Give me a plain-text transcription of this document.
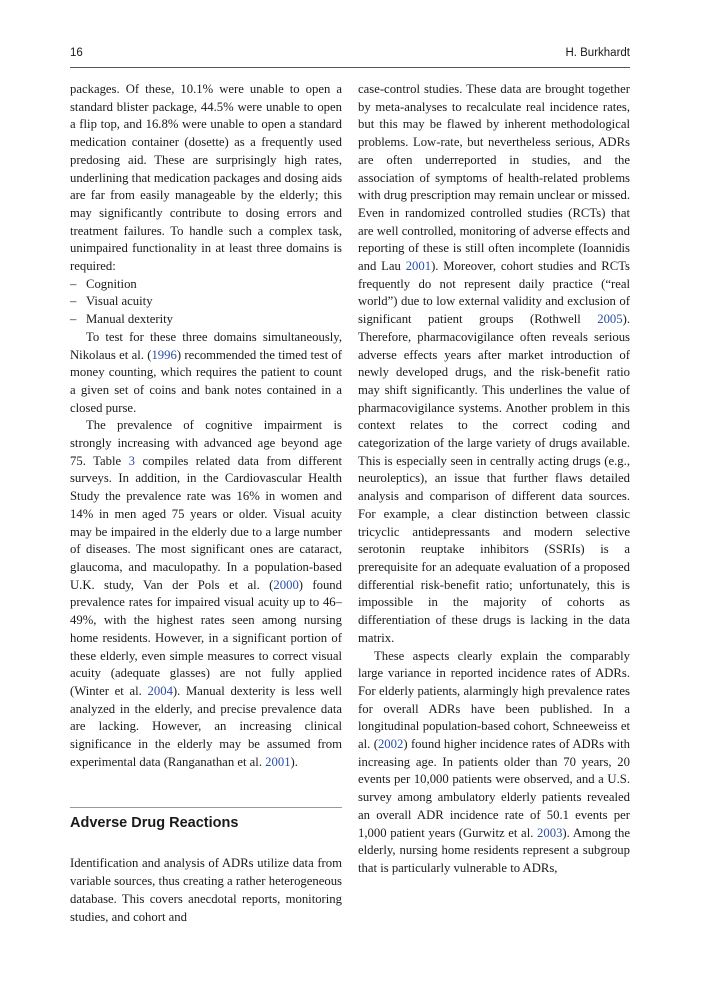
16	H. Burkhardt

packages. Of these, 10.1% were unable to open a standard blister package, 44.5% were unable to open a flip top, and 16.8% were unable to open a standard medication container (dosette) as a frequently used predosing aid. These are surprisingly high rates, underlining that medication packages and dosing aids are far from easily manageable by the elderly; this may significantly contribute to dosing errors and treatment failures. To handle such a complex task, unimpaired functionality in at least three domains is required:

– Cognition
– Visual acuity
– Manual dexterity

To test for these three domains simultaneously, Nikolaus et al. (1996) recommended the timed test of money counting, which requires the patient to count a given set of coins and bank notes contained in a closed purse.

The prevalence of cognitive impairment is strongly increasing with advanced age beyond age 75. Table 3 compiles related data from different surveys. In addition, in the Cardiovascular Health Study the prevalence rate was 16% in women and 14% in men aged 75 years or older. Visual acuity may be impaired in the elderly due to a large number of diseases. The most significant ones are cataract, glaucoma, and maculopathy. In a population-based U.K. study, Van der Pols et al. (2000) found prevalence rates for impaired visual acuity up to 46–49%, with the highest rates seen among nursing home residents. However, in a significant portion of these elderly, even simple measures to correct visual acuity (adequate glasses) are not fully applied (Winter et al. 2004). Manual dexterity is less well analyzed in the elderly, and precise prevalence data are lacking. However, an increasing clinical significance in the elderly may be assumed from experimental data (Ranganathan et al. 2001).

Adverse Drug Reactions

Identification and analysis of ADRs utilize data from variable sources, thus creating a rather heterogeneous database. This covers anecdotal reports, monitoring studies, and cohort and

case-control studies. These data are brought together by meta-analyses to recalculate real incidence rates, but this may be flawed by inherent methodological problems. Low-rate, but nevertheless serious, ADRs are often underreported in studies, and the association of symptoms of health-related problems with drug prescription may remain unclear or missed. Even in randomized controlled studies (RCTs) that are well controlled, monitoring of adverse effects and reporting of these is still often incomplete (Ioannidis and Lau 2001). Moreover, cohort studies and RCTs frequently do not represent daily practice (“real world”) due to low external validity and exclusion of significant patient groups (Rothwell 2005). Therefore, pharmacovigilance often reveals serious adverse effects years after market introduction of newly developed drugs, and the risk-benefit ratio may shift significantly. This underlines the value of pharmacovigilance systems. Another problem in this context relates to the correct coding and categorization of the large variety of drugs available. This is especially seen in centrally acting drugs (e.g., neuroleptics), an issue that further flaws detailed analysis and comparison of different data sources. For example, a clear distinction between classic tricyclic antidepressants and modern selective serotonin reuptake inhibitors (SSRIs) is a prerequisite for an adequate evaluation of a proposed differential risk-benefit ratio; unfortunately, this is impossible in the majority of cohorts as differentiation of these drugs is lacking in the data matrix.

These aspects clearly explain the comparably large variance in reported incidence rates of ADRs. For elderly patients, alarmingly high prevalence rates for overall ADRs have been published. In a longitudinal population-based cohort, Schneeweiss et al. (2002) found higher incidence rates of ADRs with increasing age. In patients older than 70 years, 20 events per 10,000 patients were observed, and a U.S. survey among ambulatory elderly patients revealed an overall ADR incidence rate of 50.1 events per 1,000 patient years (Gurwitz et al. 2003). Among the elderly, nursing home residents represent a subgroup that is particularly vulnerable to ADRs,
